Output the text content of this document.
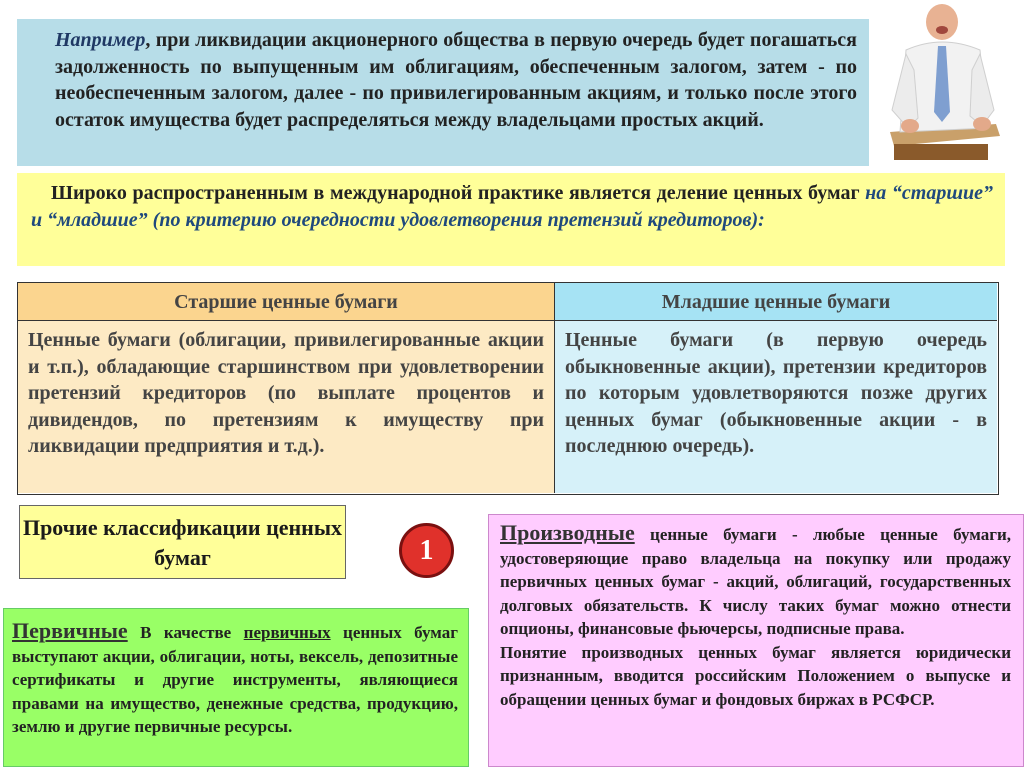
Например, при ликвидации акционерного общества в первую очередь будет погашаться задолженность по выпущенным им облигациям, обеспеченным залогом, затем - по необеспеченным залогом, далее - по привилегированным акциям, и только после этого остаток имущества будет распределяться между владельцами простых акций.
Широко распространенным в международной практике является деление ценных бумаг на “старшие” и “младшие” (по критерию очередности удовлетворения претензий кредиторов):
Старшие ценные бумаги	Младшие ценные бумаги
Ценные бумаги (облигации, привилегированные акции и т.п.), обладающие старшинством при удовлетворении претензий кредиторов (по выплате процентов и дивидендов, по претензиям к имуществу при ликвидации предприятия и т.д.).
Ценные бумаги (в первую очередь обыкновенные акции), претензии кредиторов по которым удовлетворяются позже других ценных бумаг (обыкновенные акции - в последнюю очередь).
Прочие классификации ценных бумаг	1
Производные ценные бумаги - любые ценные бумаги, удостоверяющие право владельца на покупку или продажу первичных ценных бумаг - акций, облигаций, государственных долговых обязательств. К числу таких бумаг можно отнести опционы, финансовые фьючерсы, подписные права.
Понятие производных ценных бумаг является юридически признанным, вводится российским Положением о выпуске и обращении ценных бумаг и фондовых биржах в РСФСР.
Первичные В качестве первичных ценных бумаг выступают акции, облигации, ноты, вексель, депозитные сертификаты и другие инструменты, являющиеся правами на имущество, денежные средства, продукцию, землю и другие первичные ресурсы.
